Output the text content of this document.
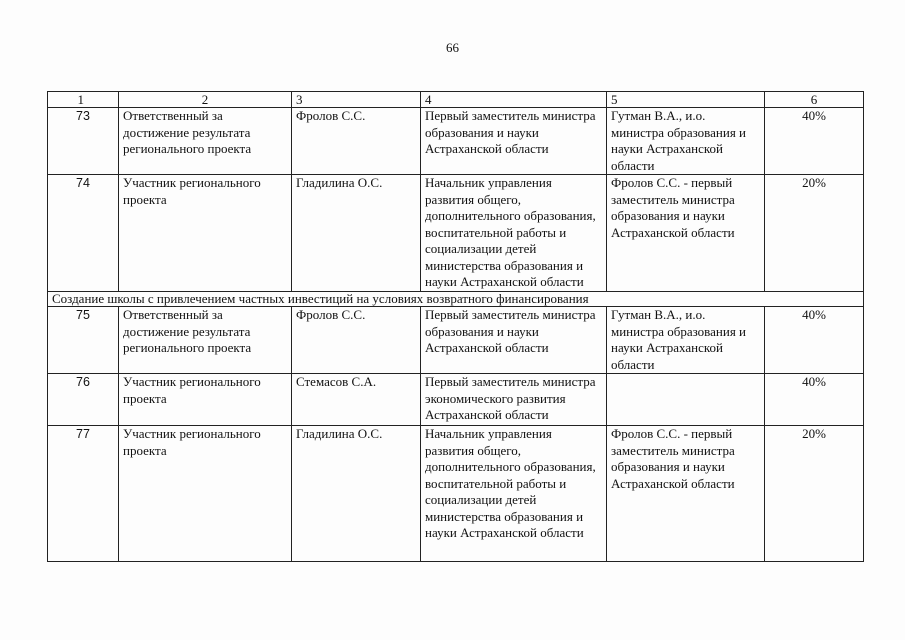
66
1	2	3	4	5	6
73	Ответственный за достижение результата регионального проекта	Фролов С.С.	Первый заместитель министра образования и науки Астраханской области	Гутман В.А., и.о. министра образования и науки Астраханской области	40%
74	Участник регионального проекта	Гладилина О.С.	Начальник управления развития общего, дополнительного образования, воспитательной работы и социализации детей министерства образования и науки Астраханской области	Фролов С.С. - первый заместитель министра образования и науки Астраханской области	20%
Создание школы с привлечением частных инвестиций на условиях возвратного финансирования					
75	Ответственный за достижение результата регионального проекта	Фролов С.С.	Первый заместитель министра образования и науки Астраханской области	Гутман В.А., и.о. министра образования и науки Астраханской области	40%
76	Участник регионального проекта	Стемасов С.А.	Первый заместитель министра экономического развития Астраханской области		40%
77	Участник регионального проекта	Гладилина О.С.	Начальник управления развития общего, дополнительного образования, воспитательной работы и социализации детей министерства образования и науки Астраханской области	Фролов С.С. - первый заместитель министра образования и науки Астраханской области	20%
